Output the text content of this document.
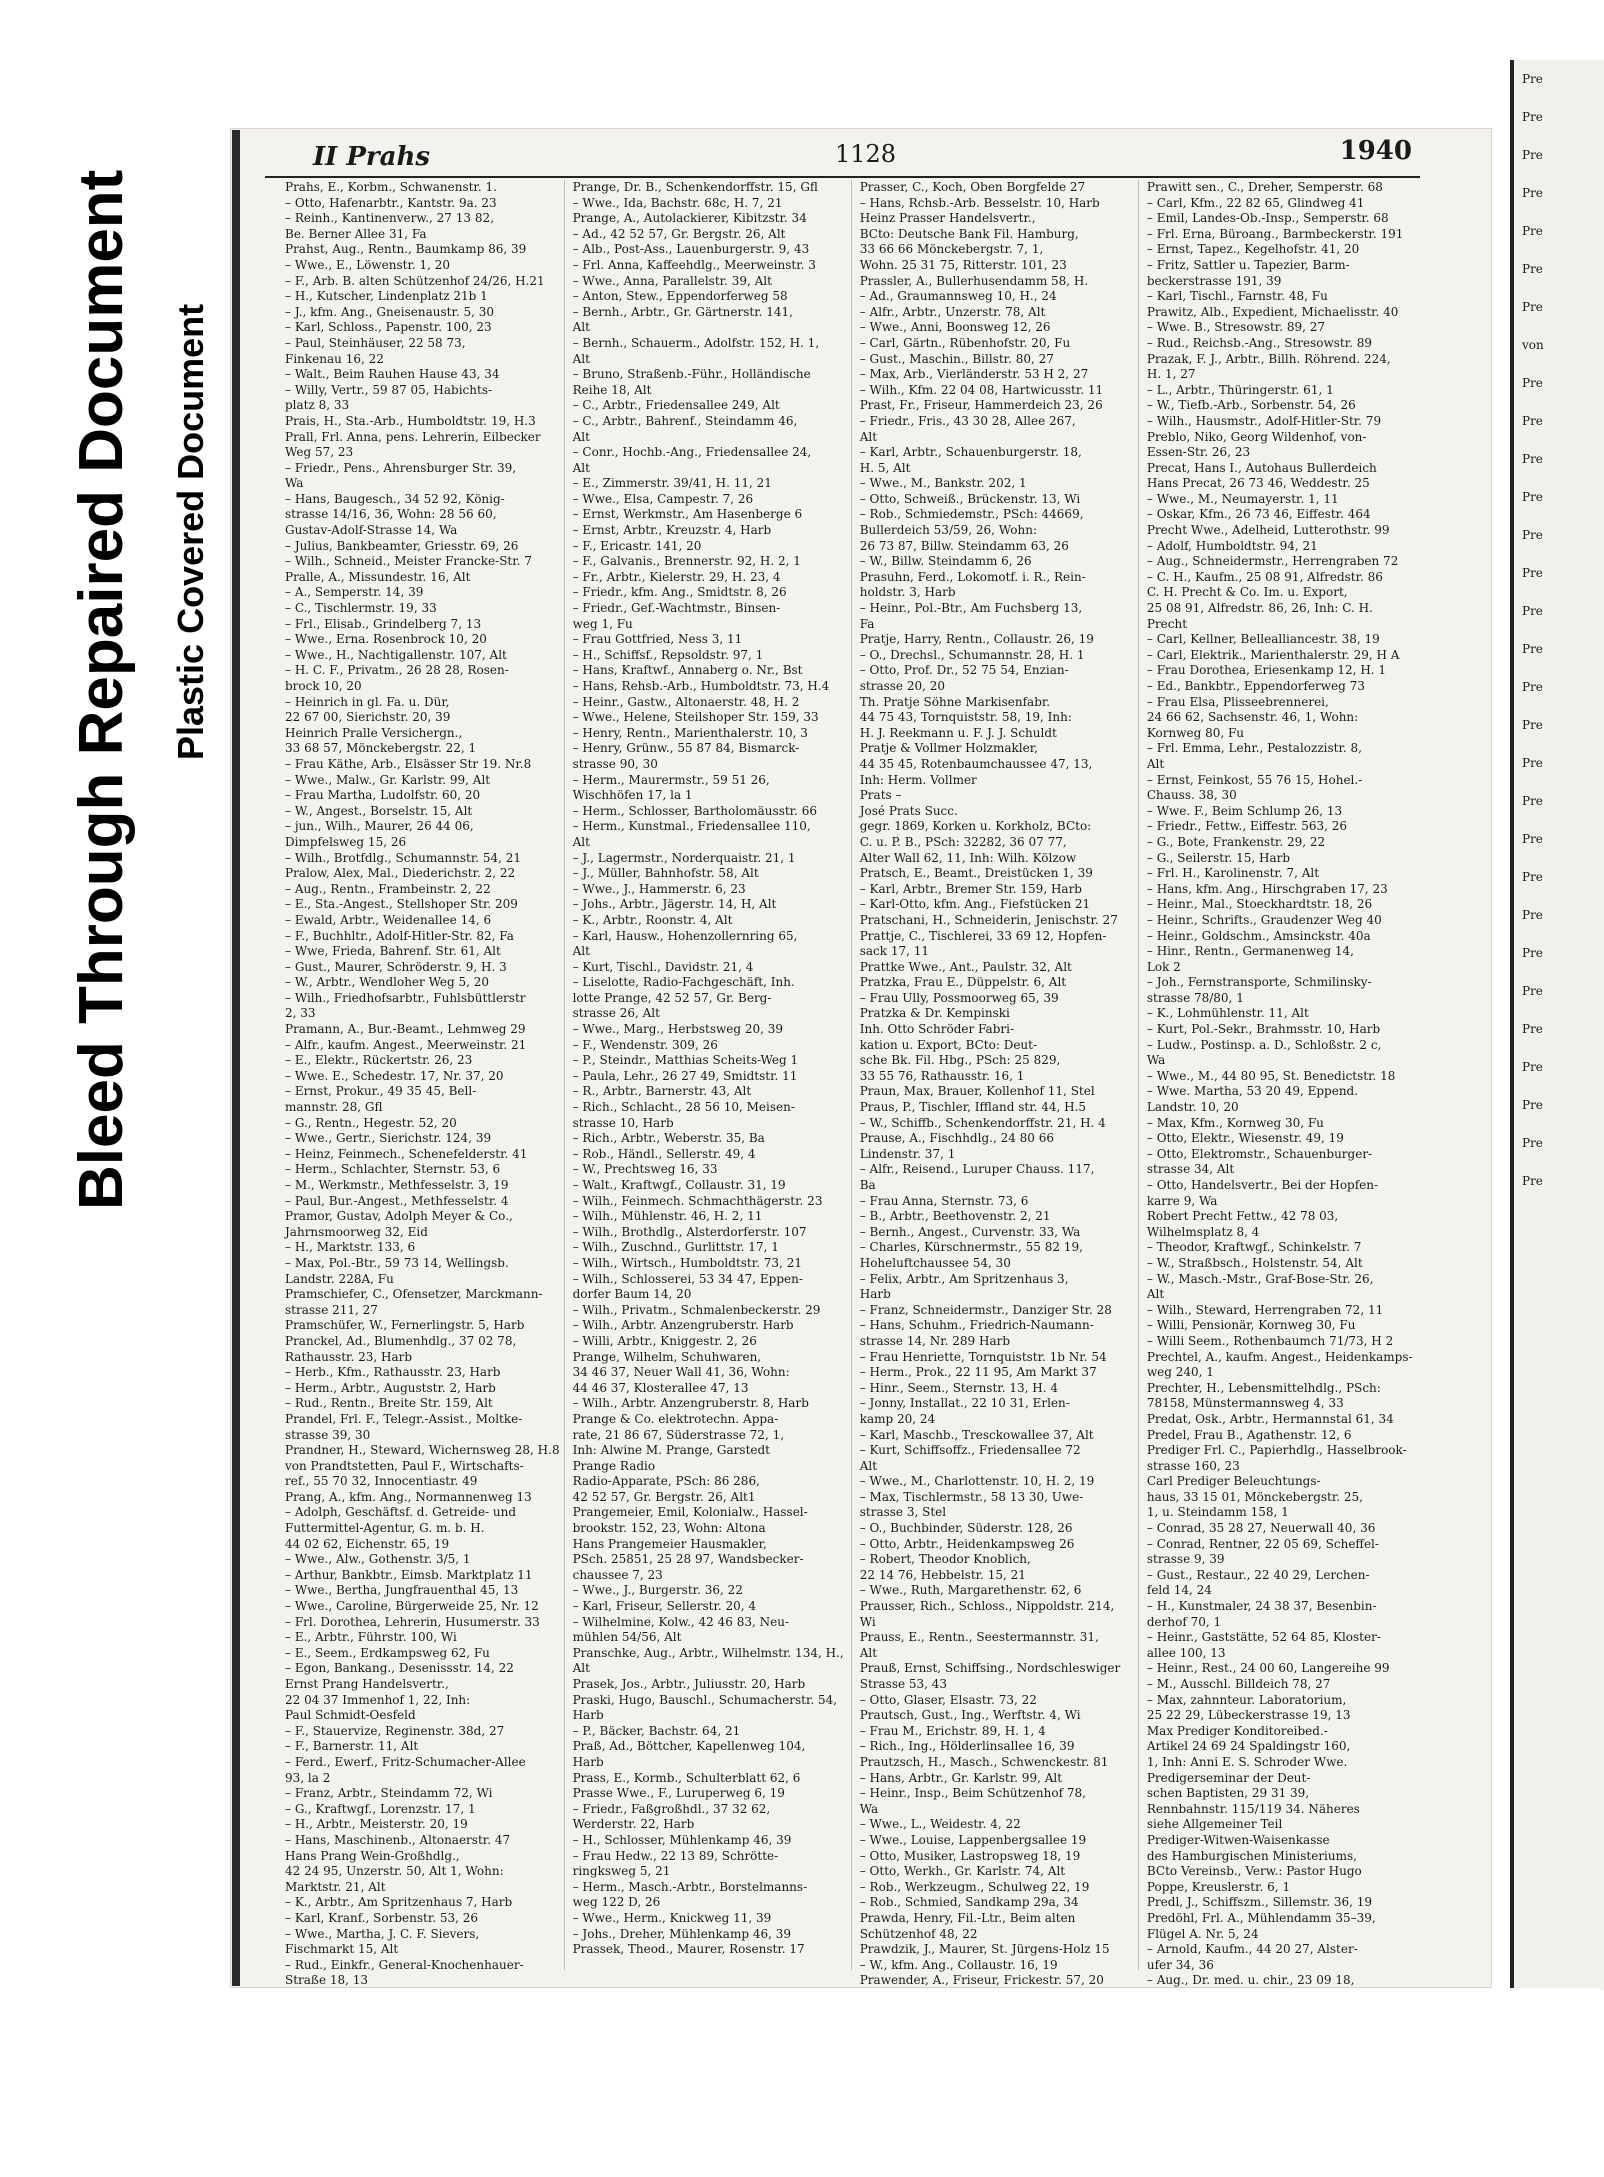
Bleed Through Repaired Document Plastic Covered Document
II Prahs	1128	1940
Prahs, E., Korbm., Schwanenstr. 1.
– Otto, Hafenarbtr., Kantstr. 9a. 23
– Reinh., Kantinenverw., 27 13 82,
Be. Berner Allee 31, Fa
Prahst, Aug., Rentn., Baumkamp 86, 39
– Wwe., E., Löwenstr. 1, 20
– F., Arb. B. alten Schützenhof 24/26, H.21
– H., Kutscher, Lindenplatz 21b 1
– J., kfm. Ang., Gneisenaustr. 5, 30
– Karl, Schloss., Papenstr. 100, 23
– Paul, Steinhäuser, 22 58 73,
Finkenau 16, 22
– Walt., Beim Rauhen Hause 43, 34
– Willy, Vertr., 59 87 05, Habichts-
platz 8, 33
Prais, H., Sta.-Arb., Humboldtstr. 19, H.3
Prall, Frl. Anna, pens. Lehrerin, Eilbecker
Weg 57, 23
– Friedr., Pens., Ahrensburger Str. 39,
Wa
– Hans, Baugesch., 34 52 92, König-
strasse 14/16, 36, Wohn: 28 56 60,
Gustav-Adolf-Strasse 14, Wa
– Julius, Bankbeamter, Griesstr. 69, 26
– Wilh., Schneid., Meister Francke-Str. 7
Pralle, A., Missundestr. 16, Alt
– A., Semperstr. 14, 39
– C., Tischlermstr. 19, 33
– Frl., Elisab., Grindelberg 7, 13
– Wwe., Erna. Rosenbrock 10, 20
– Wwe., H., Nachtigallenstr. 107, Alt
– H. C. F., Privatm., 26 28 28, Rosen-
brock 10, 20
– Heinrich in gl. Fa. u. Dür,
22 67 00, Sierichstr. 20, 39
Heinrich Pralle Versichergn.,
33 68 57, Mönckebergstr. 22, 1
– Frau Käthe, Arb., Elsässer Str 19. Nr.8
– Wwe., Malw., Gr. Karlstr. 99, Alt
– Frau Martha, Ludolfstr. 60, 20
– W., Angest., Borselstr. 15, Alt
– jun., Wilh., Maurer, 26 44 06,
Dimpfelsweg 15, 26
– Wilh., Brotfdlg., Schumannstr. 54, 21
Pralow, Alex, Mal., Diederichstr. 2, 22
– Aug., Rentn., Frambeinstr. 2, 22
– E., Sta.-Angest., Stellshoper Str. 209
– Ewald, Arbtr., Weidenallee 14, 6
– F., Buchhltr., Adolf-Hitler-Str. 82, Fa
– Wwe, Frieda, Bahrenf. Str. 61, Alt
– Gust., Maurer, Schröderstr. 9, H. 3
– W., Arbtr., Wendloher Weg 5, 20
– Wilh., Friedhofsarbtr., Fuhlsbüttlerstr
2, 33
Pramann, A., Bur.-Beamt., Lehmweg 29
– Alfr., kaufm. Angest., Meerweinstr. 21
– E., Elektr., Rückertstr. 26, 23
– Wwe. E., Schedestr. 17, Nr. 37, 20
– Ernst, Prokur., 49 35 45, Bell-
mannstr. 28, Gfl
– G., Rentn., Hegestr. 52, 20
– Wwe., Gertr., Sierichstr. 124, 39
– Heinz, Feinmech., Schenefelderstr. 41
– Herm., Schlachter, Sternstr. 53, 6
– M., Werkmstr., Methfesselstr. 3, 19
– Paul, Bur.-Angest., Methfesselstr. 4
Pramor, Gustav, Adolph Meyer & Co.,
Jahrnsmoorweg 32, Eid
– H., Marktstr. 133, 6
– Max, Pol.-Btr., 59 73 14, Wellingsb.
Landstr. 228A, Fu
Pramschiefer, C., Ofensetzer, Marckmann-
strasse 211, 27
Pramschüfer, W., Fernerlingstr. 5, Harb
Pranckel, Ad., Blumenhdlg., 37 02 78,
Rathausstr. 23, Harb
– Herb., Kfm., Rathausstr. 23, Harb
– Herm., Arbtr., Auguststr. 2, Harb
– Rud., Rentn., Breite Str. 159, Alt
Prandel, Frl. F., Telegr.-Assist., Moltke-
strasse 39, 30
Prandner, H., Steward, Wichernsweg 28, H.8
von Prandtstetten, Paul F., Wirtschafts-
ref., 55 70 32, Innocentiastr. 49
Prang, A., kfm. Ang., Normannenweg 13
– Adolph, Geschäftsf. d. Getreide- und
Futtermittel-Agentur, G. m. b. H.
44 02 62, Eichenstr. 65, 19
– Wwe., Alw., Gothenstr. 3/5, 1
– Arthur, Bankbtr., Eimsb. Marktplatz 11
– Wwe., Bertha, Jungfrauenthal 45, 13
– Wwe., Caroline, Bürgerweide 25, Nr. 12
– Frl. Dorothea, Lehrerin, Husumerstr. 33
– E., Arbtr., Führstr. 100, Wi
– E., Seem., Erdkampsweg 62, Fu
– Egon, Bankang., Desenissstr. 14, 22
Ernst Prang Handelsvertr.,
22 04 37 Immenhof 1, 22, Inh:
Paul Schmidt-Oesfeld
– F., Stauervize, Reginenstr. 38d, 27
– F., Barnerstr. 11, Alt
– Ferd., Ewerf., Fritz-Schumacher-Allee
93, la 2
– Franz, Arbtr., Steindamm 72, Wi
– G., Kraftwgf., Lorenzstr. 17, 1
– H., Arbtr., Meisterstr. 20, 19
– Hans, Maschinenb., Altonaerstr. 47
Hans Prang Wein-Großhdlg.,
42 24 95, Unzerstr. 50, Alt 1, Wohn:
Marktstr. 21, Alt
– K., Arbtr., Am Spritzenhaus 7, Harb
– Karl, Kranf., Sorbenstr. 53, 26
– Wwe., Martha, J. C. F. Sievers,
Fischmarkt 15, Alt
– Rud., Einkfr., General-Knochenhauer-
Straße 18, 13
Prange, Dr. B., Schenkendorffstr. 15, Gfl
– Wwe., Ida, Bachstr. 68c, H. 7, 21
Prange, A., Autolackierer, Kibitzstr. 34
– Ad., 42 52 57, Gr. Bergstr. 26, Alt
– Alb., Post-Ass., Lauenburgerstr. 9, 43
– Frl. Anna, Kaffeehdlg., Meerweinstr. 3
– Wwe., Anna, Parallelstr. 39, Alt
– Anton, Stew., Eppendorferweg 58
– Bernh., Arbtr., Gr. Gärtnerstr. 141,
Alt
– Bernh., Schauerm., Adolfstr. 152, H. 1,
Alt
– Bruno, Straßenb.-Führ., Holländische
Reihe 18, Alt
– C., Arbtr., Friedensallee 249, Alt
– C., Arbtr., Bahrenf., Steindamm 46,
Alt
– Conr., Hochb.-Ang., Friedensallee 24,
Alt
– E., Zimmerstr. 39/41, H. 11, 21
– Wwe., Elsa, Campestr. 7, 26
– Ernst, Werkmstr., Am Hasenberge 6
– Ernst, Arbtr., Kreuzstr. 4, Harb
– F., Ericastr. 141, 20
– F., Galvanis., Brennerstr. 92, H. 2, 1
– Fr., Arbtr., Kielerstr. 29, H. 23, 4
– Friedr., kfm. Ang., Smidtstr. 8, 26
– Friedr., Gef.-Wachtmstr., Binsen-
weg 1, Fu
– Frau Gottfried, Ness 3, 11
– H., Schiffsf., Repsoldstr. 97, 1
– Hans, Kraftwf., Annaberg o. Nr., Bst
– Hans, Rehsb.-Arb., Humboldtstr. 73, H.4
– Heinr., Gastw., Altonaerstr. 48, H. 2
– Wwe., Helene, Steilshoper Str. 159, 33
– Henry, Rentn., Marienthalerstr. 10, 3
– Henry, Grünw., 55 87 84, Bismarck-
strasse 90, 30
– Herm., Maurermstr., 59 51 26,
Wischhöfen 17, la 1
– Herm., Schlosser, Bartholomäusstr. 66
– Herm., Kunstmal., Friedensallee 110,
Alt
– J., Lagermstr., Norderquaistr. 21, 1
– J., Müller, Bahnhofstr. 58, Alt
– Wwe., J., Hammerstr. 6, 23
– Johs., Arbtr., Jägerstr. 14, H, Alt
– K., Arbtr., Roonstr. 4, Alt
– Karl, Hausw., Hohenzollernring 65,
Alt
– Kurt, Tischl., Davidstr. 21, 4
– Liselotte, Radio-Fachgeschäft, Inh.
lotte Prange, 42 52 57, Gr. Berg-
strasse 26, Alt
– Wwe., Marg., Herbstsweg 20, 39
– F., Wendenstr. 309, 26
– P., Steindr., Matthias Scheits-Weg 1
– Paula, Lehr., 26 27 49, Smidtstr. 11
– R., Arbtr., Barnerstr. 43, Alt
– Rich., Schlacht., 28 56 10, Meisen-
strasse 10, Harb
– Rich., Arbtr., Weberstr. 35, Ba
– Rob., Händl., Sellerstr. 49, 4
– W., Prechtsweg 16, 33
– Walt., Kraftwgf., Collaustr. 31, 19
– Wilh., Feinmech. Schmachthägerstr. 23
– Wilh., Mühlenstr. 46, H. 2, 11
– Wilh., Brothdlg., Alsterdorferstr. 107
– Wilh., Zuschnd., Gurlittstr. 17, 1
– Wilh., Wirtsch., Humboldtstr. 73, 21
– Wilh., Schlosserei, 53 34 47, Eppen-
dorfer Baum 14, 20
– Wilh., Privatm., Schmalenbeckerstr. 29
– Wilh., Arbtr. Anzengruberstr. Harb
– Willi, Arbtr., Kniggestr. 2, 26
Prange, Wilhelm, Schuhwaren,
34 46 37, Neuer Wall 41, 36, Wohn:
44 46 37, Klosterallee 47, 13
– Wilh., Arbtr. Anzengruberstr. 8, Harb
Prange & Co. elektrotechn. Appa-
rate, 21 86 67, Süderstrasse 72, 1,
Inh: Alwine M. Prange, Garstedt
Prange Radio
Radio-Apparate, PSch: 86 286,
42 52 57, Gr. Bergstr. 26, Alt1
Prangemeier, Emil, Kolonialw., Hassel-
brookstr. 152, 23, Wohn: Altona
Hans Prangemeier Hausmakler,
PSch. 25851, 25 28 97, Wandsbecker-
chaussee 7, 23
– Wwe., J., Burgerstr. 36, 22
– Karl, Friseur, Sellerstr. 20, 4
– Wilhelmine, Kolw., 42 46 83, Neu-
mühlen 54/56, Alt
Pranschke, Aug., Arbtr., Wilhelmstr. 134, H.,
Alt
Prasek, Jos., Arbtr., Juliusstr. 20, Harb
Praski, Hugo, Bauschl., Schumacherstr. 54,
Harb
– P., Bäcker, Bachstr. 64, 21
Praß, Ad., Böttcher, Kapellenweg 104,
Harb
Prass, E., Kormb., Schulterblatt 62, 6
Prasse Wwe., F., Luruperweg 6, 19
– Friedr., Faßgroßhdl., 37 32 62,
Werderstr. 22, Harb
– H., Schlosser, Mühlenkamp 46, 39
– Frau Hedw., 22 13 89, Schrötte-
ringksweg 5, 21
– Herm., Masch.-Arbtr., Borstelmanns-
weg 122 D, 26
– Wwe., Herm., Knickweg 11, 39
– Johs., Dreher, Mühlenkamp 46, 39
Prassek, Theod., Maurer, Rosenstr. 17
Prasser, C., Koch, Oben Borgfelde 27
– Hans, Rchsb.-Arb. Besselstr. 10, Harb
Heinz Prasser Handelsvertr.,
BCto: Deutsche Bank Fil. Hamburg,
33 66 66 Mönckebergstr. 7, 1,
Wohn. 25 31 75, Ritterstr. 101, 23
Prassler, A., Bullerhusendamm 58, H.
– Ad., Graumannsweg 10, H., 24
– Alfr., Arbtr., Unzerstr. 78, Alt
– Wwe., Anni, Boonsweg 12, 26
– Carl, Gärtn., Rübenhofstr. 20, Fu
– Gust., Maschin., Billstr. 80, 27
– Max, Arb., Vierländerstr. 53 H 2, 27
– Wilh., Kfm. 22 04 08, Hartwicusstr. 11
Prast, Fr., Friseur, Hammerdeich 23, 26
– Friedr., Fris., 43 30 28, Allee 267,
Alt
– Karl, Arbtr., Schauenburgerstr. 18,
H. 5, Alt
– Wwe., M., Bankstr. 202, 1
– Otto, Schweiß., Brückenstr. 13, Wi
– Rob., Schmiedemstr., PSch: 44669,
Bullerdeich 53/59, 26, Wohn:
26 73 87, Billw. Steindamm 63, 26
– W., Billw. Steindamm 6, 26
Prasuhn, Ferd., Lokomotf. i. R., Rein-
holdstr. 3, Harb
– Heinr., Pol.-Btr., Am Fuchsberg 13,
Fa
Pratje, Harry, Rentn., Collaustr. 26, 19
– O., Drechsl., Schumannstr. 28, H. 1
– Otto, Prof. Dr., 52 75 54, Enzian-
strasse 20, 20
Th. Pratje Söhne Markisenfabr.
44 75 43, Tornquiststr. 58, 19, Inh:
H. J. Reekmann u. F. J. J. Schuldt
Pratje & Vollmer Holzmakler,
44 35 45, Rotenbaumchaussee 47, 13,
Inh: Herm. Vollmer
Prats –
José Prats Succ.
gegr. 1869, Korken u. Korkholz, BCto:
C. u. P. B., PSch: 32282, 36 07 77,
Alter Wall 62, 11, Inh: Wilh. Kölzow
Pratsch, E., Beamt., Dreistücken 1, 39
– Karl, Arbtr., Bremer Str. 159, Harb
– Karl-Otto, kfm. Ang., Fiefstücken 21
Pratschani, H., Schneiderin, Jenischstr. 27
Prattje, C., Tischlerei, 33 69 12, Hopfen-
sack 17, 11
Prattke Wwe., Ant., Paulstr. 32, Alt
Pratzka, Frau E., Düppelstr. 6, Alt
– Frau Ully, Possmoorweg 65, 39
Pratzka & Dr. Kempinski
Inh. Otto Schröder Fabri-
kation u. Export, BCto: Deut-
sche Bk. Fil. Hbg., PSch: 25 829,
33 55 76, Rathausstr. 16, 1
Praun, Max, Brauer, Kollenhof 11, Stel
Praus, P., Tischler, Iffland str. 44, H.5
– W., Schiffb., Schenkendorffstr. 21, H. 4
Prause, A., Fischhdlg., 24 80 66
Lindenstr. 37, 1
– Alfr., Reisend., Luruper Chauss. 117,
Ba
– Frau Anna, Sternstr. 73, 6
– B., Arbtr., Beethovenstr. 2, 21
– Bernh., Angest., Curvenstr. 33, Wa
– Charles, Kürschnermstr., 55 82 19,
Hoheluftchaussee 54, 30
– Felix, Arbtr., Am Spritzenhaus 3,
Harb
– Franz, Schneidermstr., Danziger Str. 28
– Hans, Schuhm., Friedrich-Naumann-
strasse 14, Nr. 289 Harb
– Frau Henriette, Tornquiststr. 1b Nr. 54
– Herm., Prok., 22 11 95, Am Markt 37
– Hinr., Seem., Sternstr. 13, H. 4
– Jonny, Installat., 22 10 31, Erlen-
kamp 20, 24
– Karl, Maschb., Tresckowallee 37, Alt
– Kurt, Schiffsoffz., Friedensallee 72
Alt
– Wwe., M., Charlottenstr. 10, H. 2, 19
– Max, Tischlermstr., 58 13 30, Uwe-
strasse 3, Stel
– O., Buchbinder, Süderstr. 128, 26
– Otto, Arbtr., Heidenkampsweg 26
– Robert, Theodor Knoblich,
22 14 76, Hebbelstr. 15, 21
– Wwe., Ruth, Margarethenstr. 62, 6
Prausser, Rich., Schloss., Nippoldstr. 214,
Wi
Prauss, E., Rentn., Seestermannstr. 31,
Alt
Prauß, Ernst, Schiffsing., Nordschleswiger
Strasse 53, 43
– Otto, Glaser, Elsastr. 73, 22
Prautsch, Gust., Ing., Werftstr. 4, Wi
– Frau M., Erichstr. 89, H. 1, 4
– Rich., Ing., Hölderlinsallee 16, 39
Prautzsch, H., Masch., Schwenckestr. 81
– Hans, Arbtr., Gr. Karlstr. 99, Alt
– Heinr., Insp., Beim Schützenhof 78,
Wa
– Wwe., L., Weidestr. 4, 22
– Wwe., Louise, Lappenbergsallee 19
– Otto, Musiker, Lastropsweg 18, 19
– Otto, Werkh., Gr. Karlstr. 74, Alt
– Rob., Werkzeugm., Schulweg 22, 19
– Rob., Schmied, Sandkamp 29a, 34
Prawda, Henry, Fil.-Ltr., Beim alten
Schützenhof 48, 22
Prawdzik, J., Maurer, St. Jürgens-Holz 15
– W., kfm. Ang., Collaustr. 16, 19
Prawender, A., Friseur, Frickestr. 57, 20
Prawitt sen., C., Dreher, Semperstr. 68
– Carl, Kfm., 22 82 65, Glindweg 41
– Emil, Landes-Ob.-Insp., Semperstr. 68
– Frl. Erna, Büroang., Barmbeckerstr. 191
– Ernst, Tapez., Kegelhofstr. 41, 20
– Fritz, Sattler u. Tapezier, Barm-
beckerstrasse 191, 39
– Karl, Tischl., Farnstr. 48, Fu
Prawitz, Alb., Expedient, Michaelisstr. 40
– Wwe. B., Stresowstr. 89, 27
– Rud., Reichsb.-Ang., Stresowstr. 89
Prazak, F. J., Arbtr., Billh. Röhrend. 224,
H. 1, 27
– L., Arbtr., Thüringerstr. 61, 1
– W., Tiefb.-Arb., Sorbenstr. 54, 26
– Wilh., Hausmstr., Adolf-Hitler-Str. 79
Preblo, Niko, Georg Wildenhof, von-
Essen-Str. 26, 23
Precat, Hans I., Autohaus Bullerdeich
Hans Precat, 26 73 46, Weddestr. 25
– Wwe., M., Neumayerstr. 1, 11
– Oskar, Kfm., 26 73 46, Eiffestr. 464
Precht Wwe., Adelheid, Lutterothstr. 99
– Adolf, Humboldtstr. 94, 21
– Aug., Schneidermstr., Herrengraben 72
– C. H., Kaufm., 25 08 91, Alfredstr. 86
C. H. Precht & Co. Im. u. Export,
25 08 91, Alfredstr. 86, 26, Inh: C. H.
Precht
– Carl, Kellner, Bellealliancestr. 38, 19
– Carl, Elektrik., Marienthalerstr. 29, H A
– Frau Dorothea, Eriesenkamp 12, H. 1
– Ed., Bankbtr., Eppendorferweg 73
– Frau Elsa, Plisseebrennerei,
24 66 62, Sachsenstr. 46, 1, Wohn:
Kornweg 80, Fu
– Frl. Emma, Lehr., Pestalozzistr. 8,
Alt
– Ernst, Feinkost, 55 76 15, Hohel.-
Chauss. 38, 30
– Wwe. F., Beim Schlump 26, 13
– Friedr., Fettw., Eiffestr. 563, 26
– G., Bote, Frankenstr. 29, 22
– G., Seilerstr. 15, Harb
– Frl. H., Karolinenstr. 7, Alt
– Hans, kfm. Ang., Hirschgraben 17, 23
– Heinr., Mal., Stoeckhardtstr. 18, 26
– Heinr., Schrifts., Graudenzer Weg 40
– Heinr., Goldschm., Amsinckstr. 40a
– Hinr., Rentn., Germanenweg 14,
Lok 2
– Joh., Fernstransporte, Schmilinsky-
strasse 78/80, 1
– K., Lohmühlenstr. 11, Alt
– Kurt, Pol.-Sekr., Brahmsstr. 10, Harb
– Ludw., Postinsp. a. D., Schloßstr. 2 c,
Wa
– Wwe., M., 44 80 95, St. Benedictstr. 18
– Wwe. Martha, 53 20 49, Eppend.
Landstr. 10, 20
– Max, Kfm., Kornweg 30, Fu
– Otto, Elektr., Wiesenstr. 49, 19
– Otto, Elektromstr., Schauenburger-
strasse 34, Alt
– Otto, Handelsvertr., Bei der Hopfen-
karre 9, Wa
Robert Precht Fettw., 42 78 03,
Wilhelmsplatz 8, 4
– Theodor, Kraftwgf., Schinkelstr. 7
– W., Straßbsch., Holstenstr. 54, Alt
– W., Masch.-Mstr., Graf-Bose-Str. 26,
Alt
– Wilh., Steward, Herrengraben 72, 11
– Willi, Pensionär, Kornweg 30, Fu
– Willi Seem., Rothenbaumch 71/73, H 2
Prechtel, A., kaufm. Angest., Heidenkamps-
weg 240, 1
Prechter, H., Lebensmittelhdlg., PSch:
78158, Münstermannsweg 4, 33
Predat, Osk., Arbtr., Hermannstal 61, 34
Predel, Frau B., Agathenstr. 12, 6
Prediger Frl. C., Papierhdlg., Hasselbrook-
strasse 160, 23
Carl Prediger Beleuchtungs-
haus, 33 15 01, Mönckebergstr. 25,
1, u. Steindamm 158, 1
– Conrad, 35 28 27, Neuerwall 40, 36
– Conrad, Rentner, 22 05 69, Scheffel-
strasse 9, 39
– Gust., Restaur., 22 40 29, Lerchen-
feld 14, 24
– H., Kunstmaler, 24 38 37, Besenbin-
derhof 70, 1
– Heinr., Gaststätte, 52 64 85, Kloster-
allee 100, 13
– Heinr., Rest., 24 00 60, Langereihe 99
– M., Ausschl. Billdeich 78, 27
– Max, zahnnteur. Laboratorium,
25 22 29, Lübeckerstrasse 19, 13
Max Prediger Konditoreibed.-
Artikel 24 69 24 Spaldingstr 160,
1, Inh: Anni E. S. Schroder Wwe.
Predigerseminar der Deut-
schen Baptisten, 29 31 39,
Rennbahnstr. 115/119 34. Näheres
siehe Allgemeiner Teil
Prediger-Witwen-Waisenkasse
des Hamburgischen Ministeriums,
BCto Vereinsb., Verw.: Pastor Hugo
Poppe, Kreuslerstr. 6, 1
Predl, J., Schiffszm., Sillemstr. 36, 19
Predöhl, Frl. A., Mühlendamm 35–39,
Flügel A. Nr. 5, 24
– Arnold, Kaufm., 44 20 27, Alster-
ufer 34, 36
– Aug., Dr. med. u. chir., 23 09 18,
Pre
Pre
Pre
Pre
Pre
Pre
Pre
von
Pre
Pre
Pre
Pre
Pre
Pre
Pre
Pre
Pre
Pre
Pre
Pre
Pre
Pre
Pre
Pre
Pre
Pre
Pre
Pre
Pre
Pre
